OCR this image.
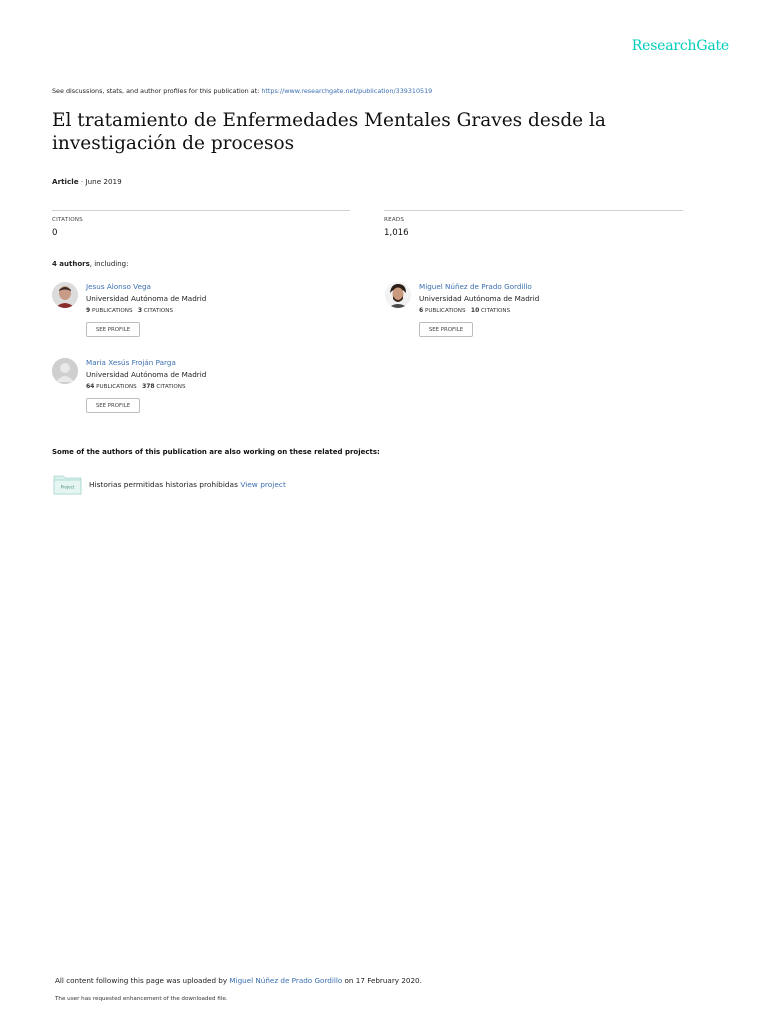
ResearchGate
See discussions, stats, and author profiles for this publication at: https://www.researchgate.net/publication/339310519
El tratamiento de Enfermedades Mentales Graves desde la investigación de procesos
Article · June 2019
CITATIONS
0
READS
1,016
4 authors, including:
Jesus Alonso Vega
Universidad Autónoma de Madrid
9 PUBLICATIONS 3 CITATIONS
SEE PROFILE
Miguel Núñez de Prado Gordillo
Universidad Autónoma de Madrid
6 PUBLICATIONS 10 CITATIONS
SEE PROFILE
Maria Xesús Froján Parga
Universidad Autónoma de Madrid
64 PUBLICATIONS 378 CITATIONS
SEE PROFILE
Some of the authors of this publication are also working on these related projects:
Project Historias permitidas historias prohibidas View project
All content following this page was uploaded by Miguel Núñez de Prado Gordillo on 17 February 2020.
The user has requested enhancement of the downloaded file.
